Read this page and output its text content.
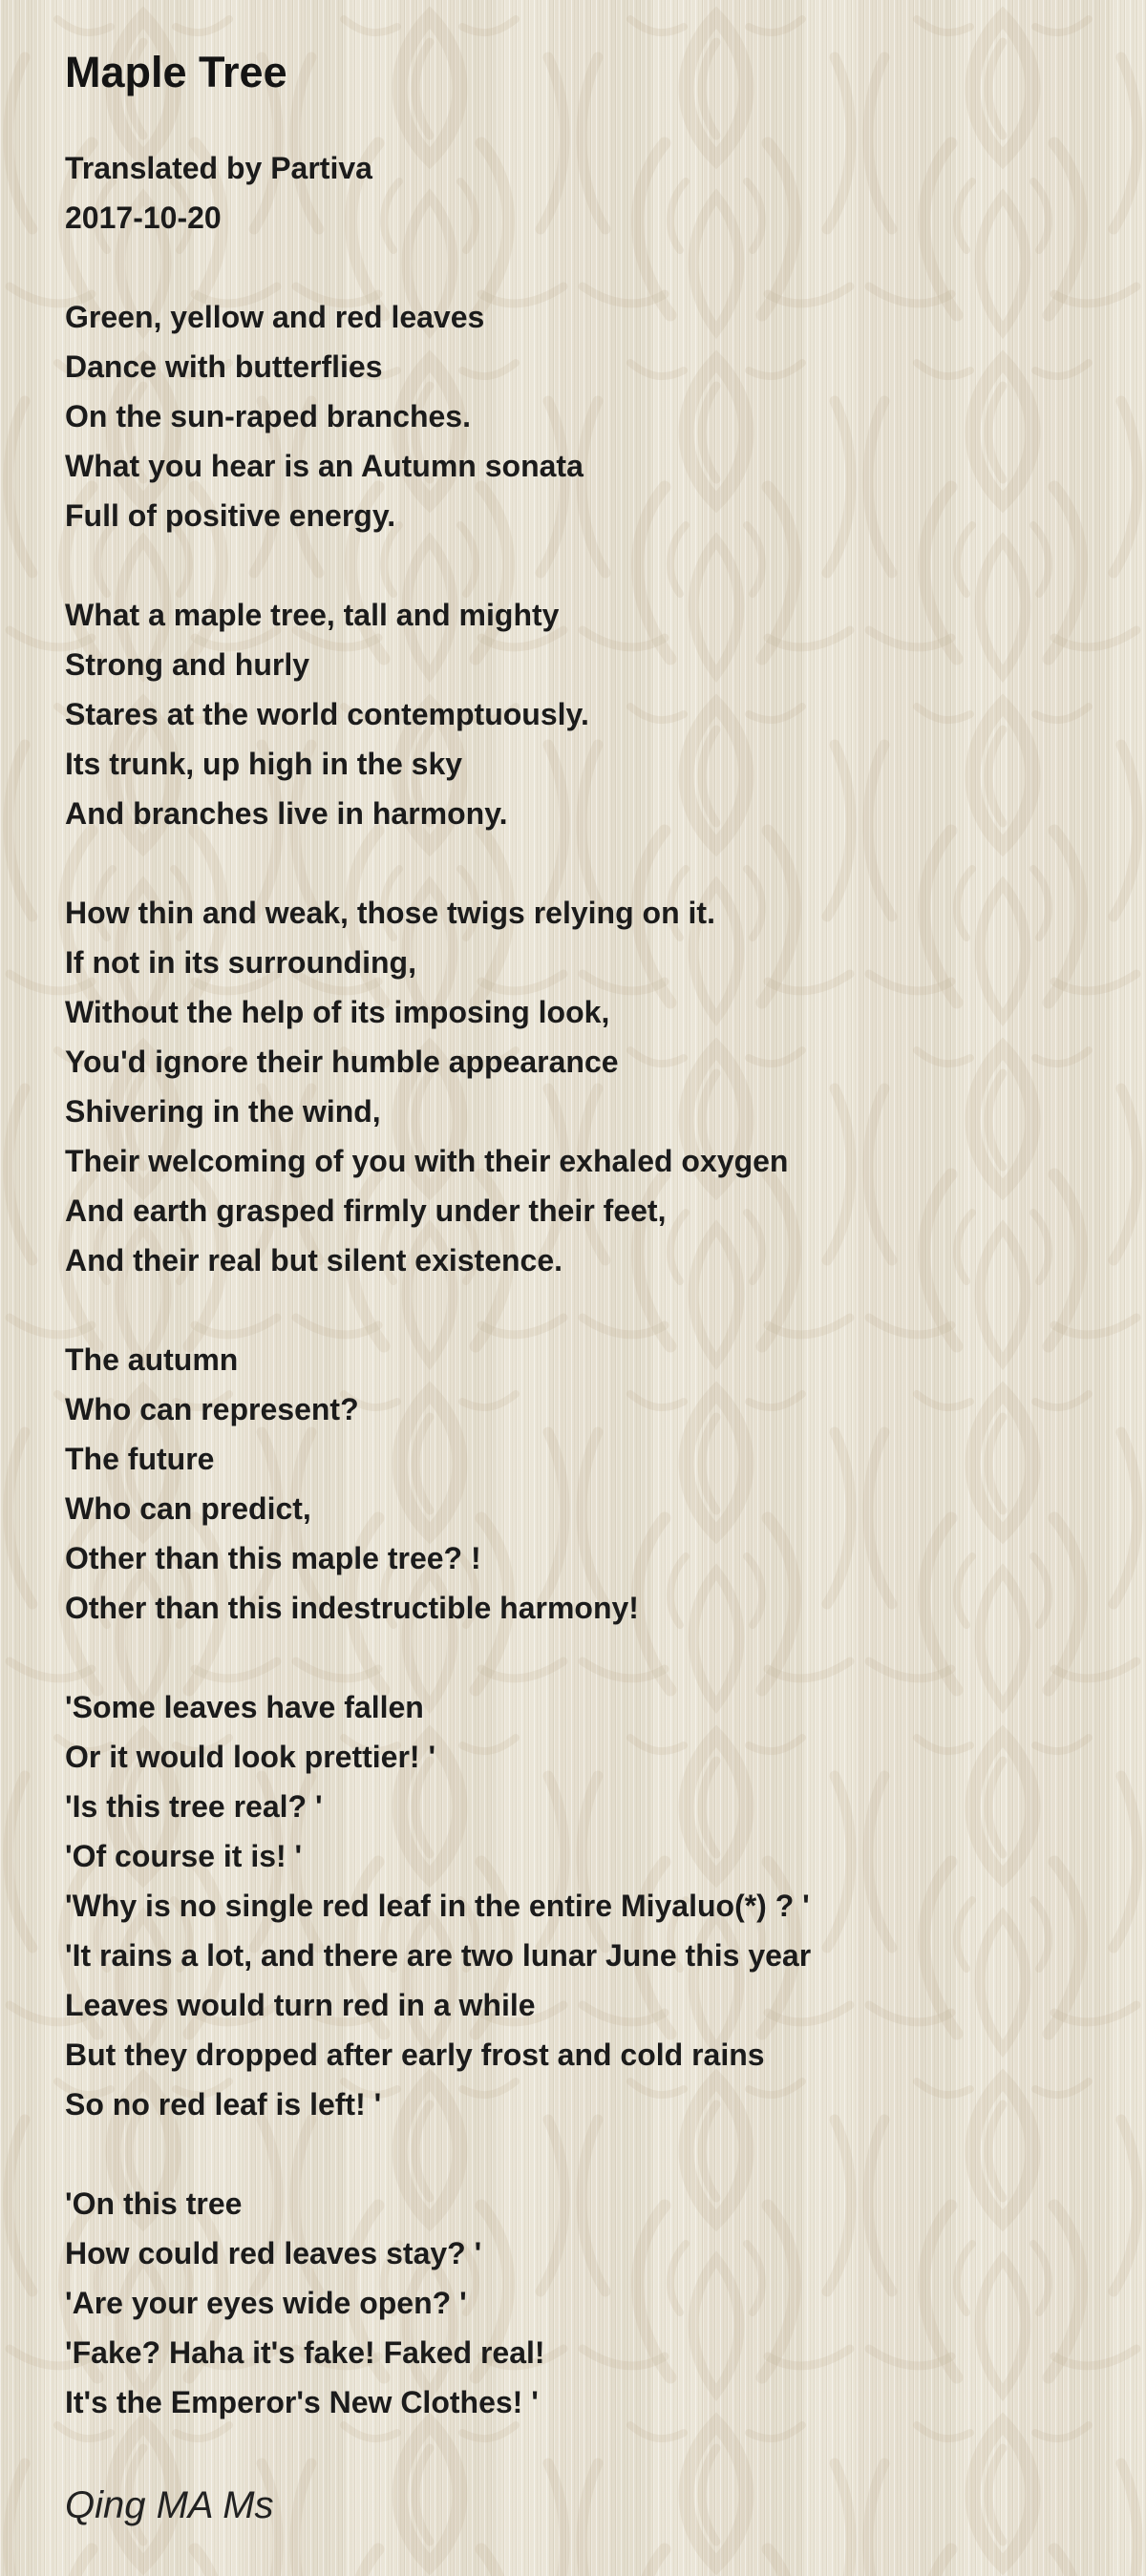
Maple Tree
Translated by Partiva
2017-10-20
Green, yellow and red leaves
Dance with butterflies
On the sun-raped branches.
What you hear is an Autumn sonata
Full of positive energy.
What a maple tree, tall and mighty
Strong and hurly
Stares at the world contemptuously.
Its trunk, up high in the sky
And branches live in harmony.
How thin and weak, those twigs relying on it.
If not in its surrounding,
Without the help of its imposing look,
You'd ignore their humble appearance
Shivering in the wind,
Their welcoming of you with their exhaled oxygen
And earth grasped firmly under their feet,
And their real but silent existence.
The autumn
Who can represent?
The future
Who can predict,
Other than this maple tree? !
Other than this indestructible harmony!
'Some leaves have fallen
Or it would look prettier! '
'Is this tree real? '
'Of course it is! '
'Why is no single red leaf in the entire Miyaluo(*) ? '
'It rains a lot, and there are two lunar June this year
Leaves would turn red in a while
But they dropped after early frost and cold rains
So no red leaf is left! '
'On this tree
How could red leaves stay? '
'Are your eyes wide open? '
'Fake? Haha it's fake! Faked real!
It's the Emperor's New Clothes! '
Qing MA Ms
